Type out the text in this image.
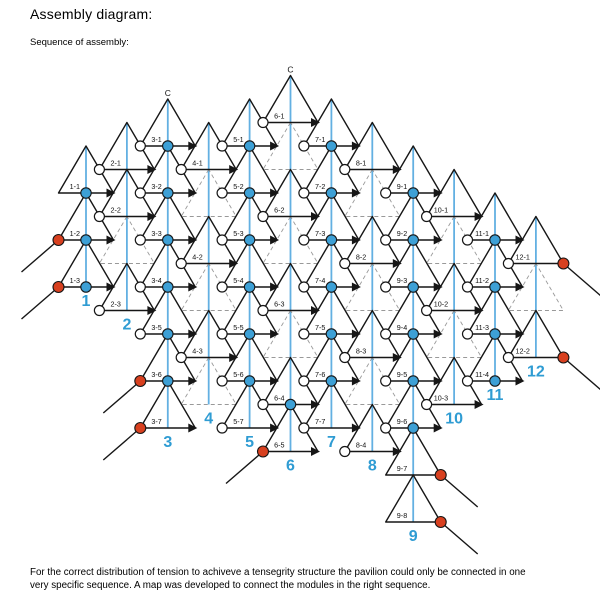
Assembly diagram:
Sequence of assembly:
1-1
1-2
1-3
2-1
2-2
2-3
3-1
3-2
3-3
3-4
3-5
3-6
3-7
4-1
4-2
4-3
5-1
5-2
5-3
5-4
5-5
5-6
5-7
6-1
6-2
6-3
6-4
6-5
7-1
7-2
7-3
7-4
7-5
7-6
7-7
8-1
8-2
8-3
8-4
9-1
9-2
9-3
9-4
9-5
9-6
9-7
9-8
10-1
10-2
10-3
11-1
11-2
11-3
11-4
12-1
12-2
1
2
3
C
4
5
6
C
7
8
9
10
11
12
For the correct distribution of tension to achiveve a tensegrity structure the pavilion could only be connected in one
very specific sequence. A map was developed to connect the modules in the right sequence.
